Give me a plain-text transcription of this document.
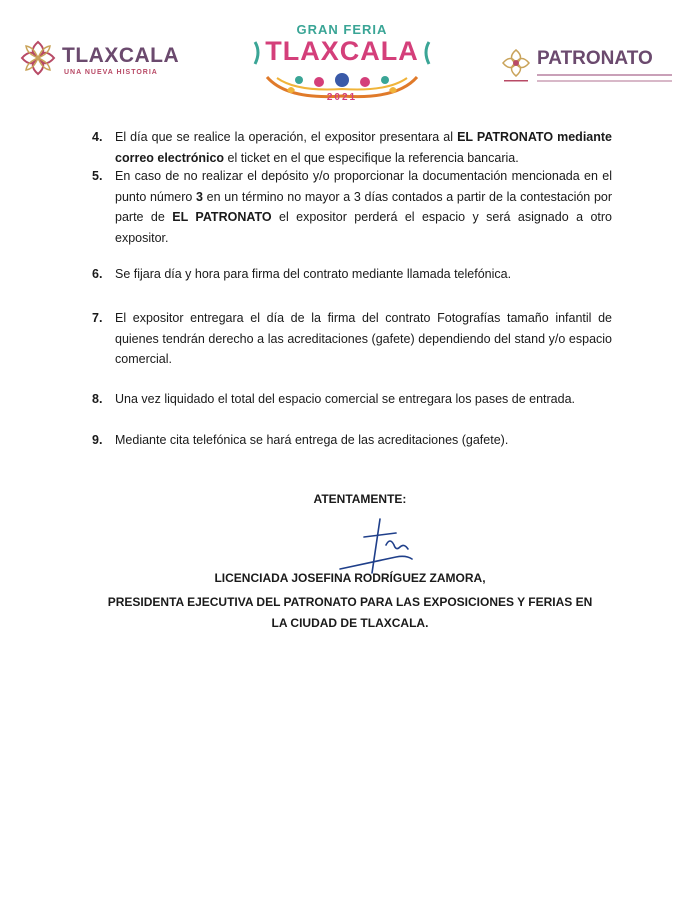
TLAXCALA
UNA NUEVA HISTORIA
GRAN FERIA
TLAXCALA
2021
PATRONATO
4. El día que se realice la operación, el expositor presentara al EL PATRONATO mediante correo electrónico el ticket en el que especifique la referencia bancaria.
5. En caso de no realizar el depósito y/o proporcionar la documentación mencionada en el punto número 3 en un término no mayor a 3 días contados a partir de la contestación por parte de EL PATRONATO el expositor perderá el espacio y será asignado a otro expositor.
6. Se fijara día y hora para firma del contrato mediante llamada telefónica.
7. El expositor entregara el día de la firma del contrato Fotografías tamaño infantil de quienes tendrán derecho a las acreditaciones (gafete) dependiendo del stand y/o espacio comercial.
8. Una vez liquidado el total del espacio comercial se entregara los pases de entrada.
9. Mediante cita telefónica se hará entrega de las acreditaciones (gafete).
ATENTAMENTE:
LICENCIADA JOSEFINA RODRÍGUEZ ZAMORA,
PRESIDENTA EJECUTIVA DEL PATRONATO PARA LAS EXPOSICIONES Y FERIAS EN
LA CIUDAD DE TLAXCALA.
